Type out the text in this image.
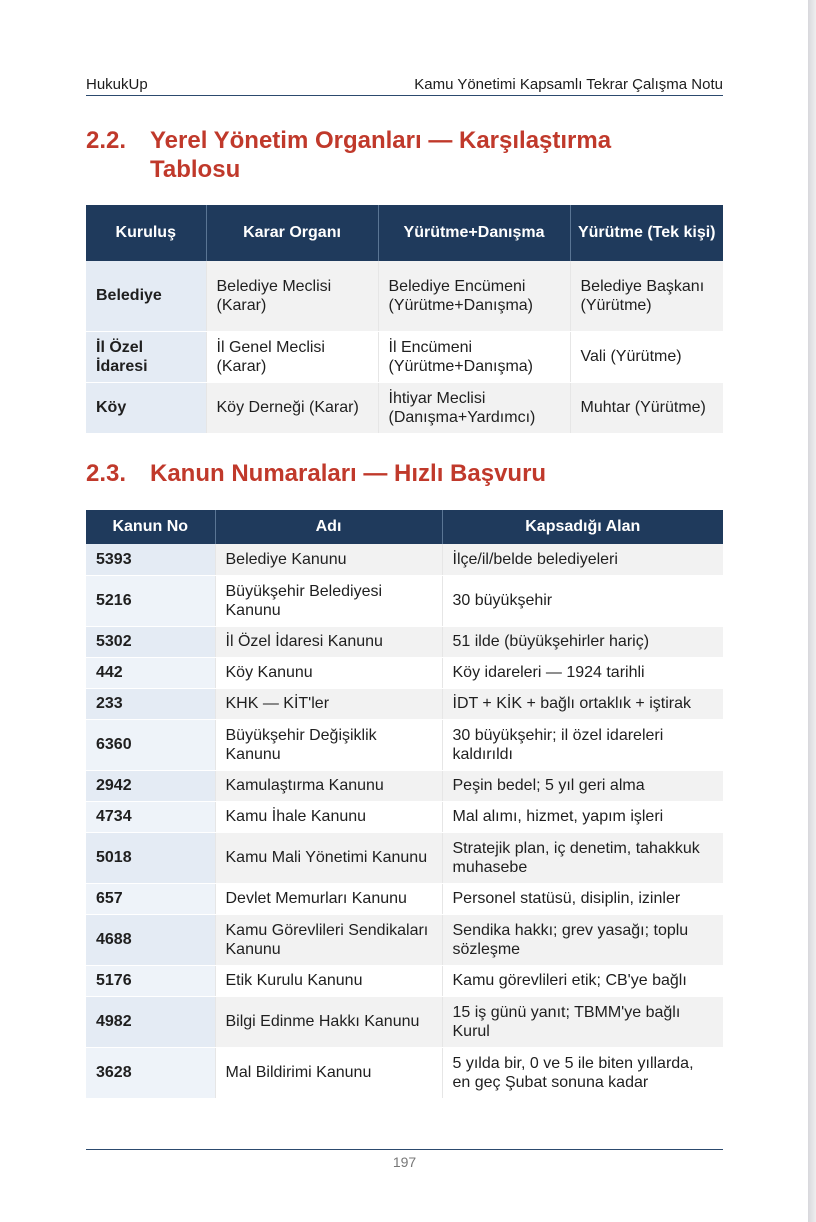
HukukUp	Kamu Yönetimi Kapsamlı Tekrar Çalışma Notu
2.2. Yerel Yönetim Organları — Karşılaştırma Tablosu
Kuruluş	Karar Organı	Yürütme+Danışma	Yürütme (Tek kişi)
Belediye	Belediye Meclisi (Karar)	Belediye Encümeni (Yürütme+Danışma)	Belediye Başkanı (Yürütme)
İl Özel İdaresi	İl Genel Meclisi (Karar)	İl Encümeni (Yürütme+Danışma)	Vali (Yürütme)
Köy	Köy Derneği (Karar)	İhtiyar Meclisi (Danışma+Yardımcı)	Muhtar (Yürütme)
2.3. Kanun Numaraları — Hızlı Başvuru
Kanun No	Adı	Kapsadığı Alan
5393	Belediye Kanunu	İlçe/il/belde belediyeleri
5216	Büyükşehir Belediyesi Kanunu	30 büyükşehir
5302	İl Özel İdaresi Kanunu	51 ilde (büyükşehirler hariç)
442	Köy Kanunu	Köy idareleri — 1924 tarihli
233	KHK — KİT'ler	İDT + KİK + bağlı ortaklık + iştirak
6360	Büyükşehir Değişiklik Kanunu	30 büyükşehir; il özel idareleri kaldırıldı
2942	Kamulaştırma Kanunu	Peşin bedel; 5 yıl geri alma
4734	Kamu İhale Kanunu	Mal alımı, hizmet, yapım işleri
5018	Kamu Mali Yönetimi Kanunu	Stratejik plan, iç denetim, tahakkuk muhasebe
657	Devlet Memurları Kanunu	Personel statüsü, disiplin, izinler
4688	Kamu Görevlileri Sendikaları Kanunu	Sendika hakkı; grev yasağı; toplu sözleşme
5176	Etik Kurulu Kanunu	Kamu görevlileri etik; CB'ye bağlı
4982	Bilgi Edinme Hakkı Kanunu	15 iş günü yanıt; TBMM'ye bağlı Kurul
3628	Mal Bildirimi Kanunu	5 yılda bir, 0 ve 5 ile biten yıllarda, en geç Şubat sonuna kadar
197
